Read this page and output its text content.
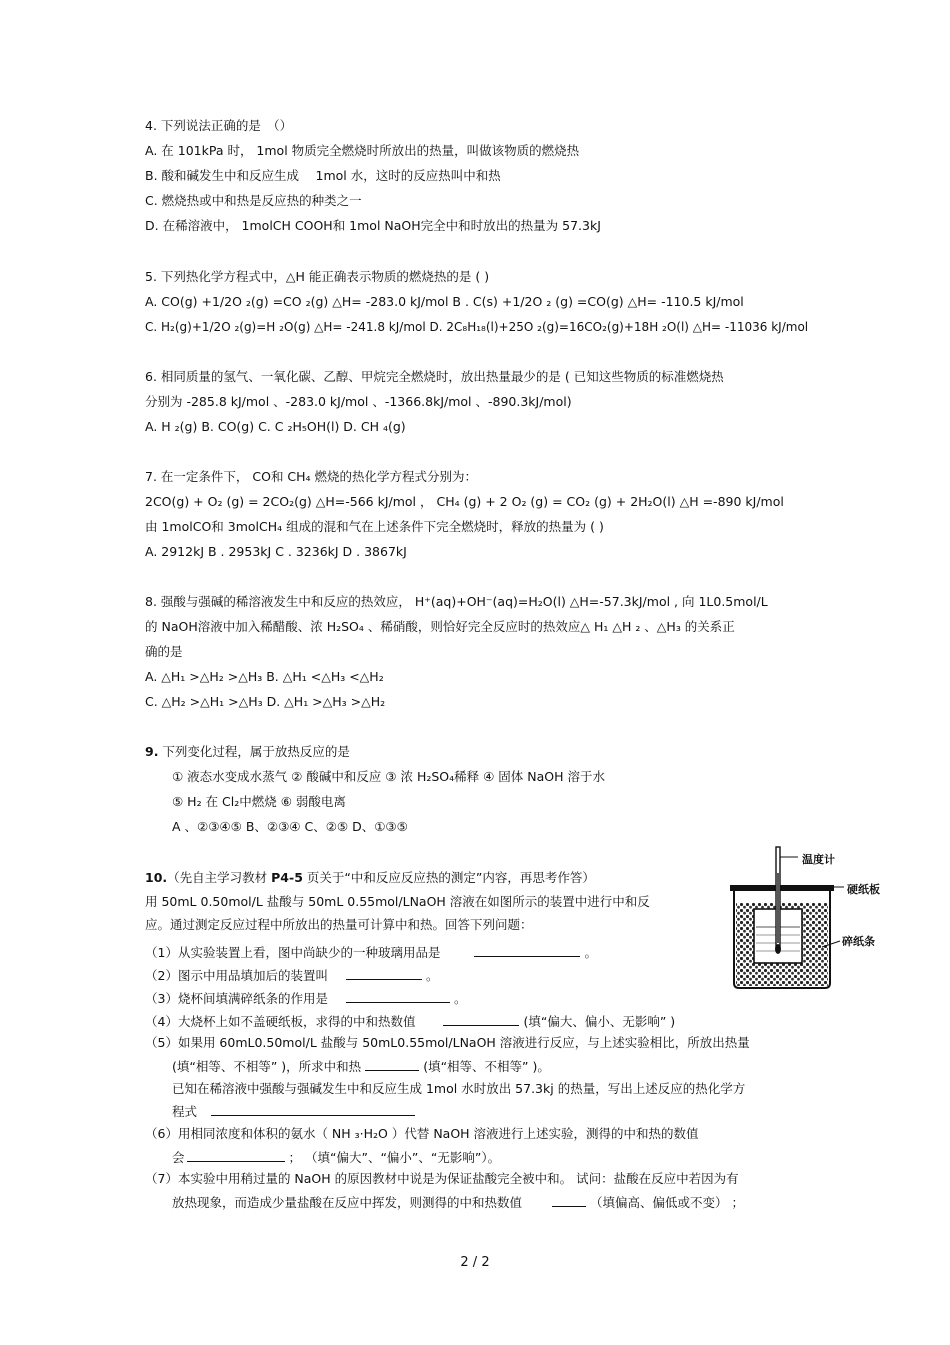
4. 下列说法正确的是　（）
A. 在 101kPa 时， 1mol 物质完全燃烧时所放出的热量，叫做该物质的燃烧热
B. 酸和碱发生中和反应生成　 1mol 水，这时的反应热叫中和热
C. 燃烧热或中和热是反应热的种类之一
D. 在稀溶液中， 1molCH COOH和 1mol NaOH完全中和时放出的热量为 57.3kJ
5. 下列热化学方程式中，△H 能正确表示物质的燃烧热的是 ( )
A. CO(g) +1/2O ₂(g) =CO ₂(g) △H= -283.0 kJ/mol B . C(s) +1/2O ₂ (g) =CO(g) △H= -110.5 kJ/mol
C. H₂(g)+1/2O ₂(g)=H ₂O(g) △H= -241.8 kJ/mol D. 2C₈H₁₈(l)+25O ₂(g)=16CO₂(g)+18H ₂O(l) △H= -11036 kJ/mol
6. 相同质量的氢气、一氧化碳、乙醇、甲烷完全燃烧时，放出热量最少的是 ( 已知这些物质的标准燃烧热
分别为 -285.8 kJ/mol 、-283.0 kJ/mol 、-1366.8kJ/mol 、-890.3kJ/mol)
A. H ₂(g) B. CO(g) C. C ₂H₅OH(l) D. CH ₄(g)
7. 在一定条件下， CO和 CH₄ 燃烧的热化学方程式分别为：
2CO(g) + O₂ (g) = 2CO₂(g) △H=-566 kJ/mol ， CH₄ (g) + 2 O₂ (g) = CO₂ (g) + 2H₂O(l) △H =-890 kJ/mol
由 1molCO和 3molCH₄ 组成的混和气在上述条件下完全燃烧时，释放的热量为 ( )
A. 2912kJ B . 2953kJ C . 3236kJ D . 3867kJ
8. 强酸与强碱的稀溶液发生中和反应的热效应， H⁺(aq)+OH⁻(aq)=H₂O(l) △H=-57.3kJ/mol , 向 1L0.5mol/L
的 NaOH溶液中加入稀醋酸、浓 H₂SO₄ 、稀硝酸，则恰好完全反应时的热效应△ H₁ △H ₂ 、△H₃ 的关系正
确的是
A. △H₁ >△H₂ >△H₃ B. △H₁ <△H₃ <△H₂
C. △H₂ >△H₁ >△H₃ D. △H₁ >△H₃ >△H₂
9. 下列变化过程，属于放热反应的是
① 液态水变成水蒸气 ② 酸碱中和反应 ③ 浓 H₂SO₄稀释 ④ 固体 NaOH 溶于水
⑤ H₂ 在 Cl₂中燃烧 ⑥ 弱酸电离
A 、②③④⑤ B、②③④ C、②⑤ D、①③⑤
10.（先自主学习教材 P4-5 页关于“中和反应反应热的测定”内容，再思考作答）
用 50mL 0.50mol/L 盐酸与 50mL 0.55mol/LNaOH 溶液在如图所示的装置中进行中和反
应。通过测定反应过程中所放出的热量可计算中和热。回答下列问题：
（1）从实验装置上看，图中尚缺少的一种玻璃用品是	。
（2）图示中用品填加后的装置叫	。
（3）烧杯间填满碎纸条的作用是	。
（4）大烧杯上如不盖硬纸板，求得的中和热数值	(填“偏大、偏小、无影响” )
（5）如果用 60mL0.50mol/L 盐酸与 50mL0.55mol/LNaOH 溶液进行反应，与上述实验相比，所放出热量
(填“相等、不相等” )，所求中和热	(填“相等、不相等” )。
已知在稀溶液中强酸与强碱发生中和反应生成 1mol 水时放出 57.3kj 的热量，写出上述反应的热化学方
程式
（6）用相同浓度和体积的氨水（ NH ₃·H₂O ）代替 NaOH 溶液进行上述实验，测得的中和热的数值
会	； （填“偏大”、“偏小”、“无影响”）。
（7）本实验中用稍过量的 NaOH 的原因教材中说是为保证盐酸完全被中和。 试问：盐酸在反应中若因为有
放热现象，而造成少量盐酸在反应中挥发，则测得的中和热数值	（填偏高、偏低或不变） ；
温度计
硬纸板
碎纸条
2 / 2
